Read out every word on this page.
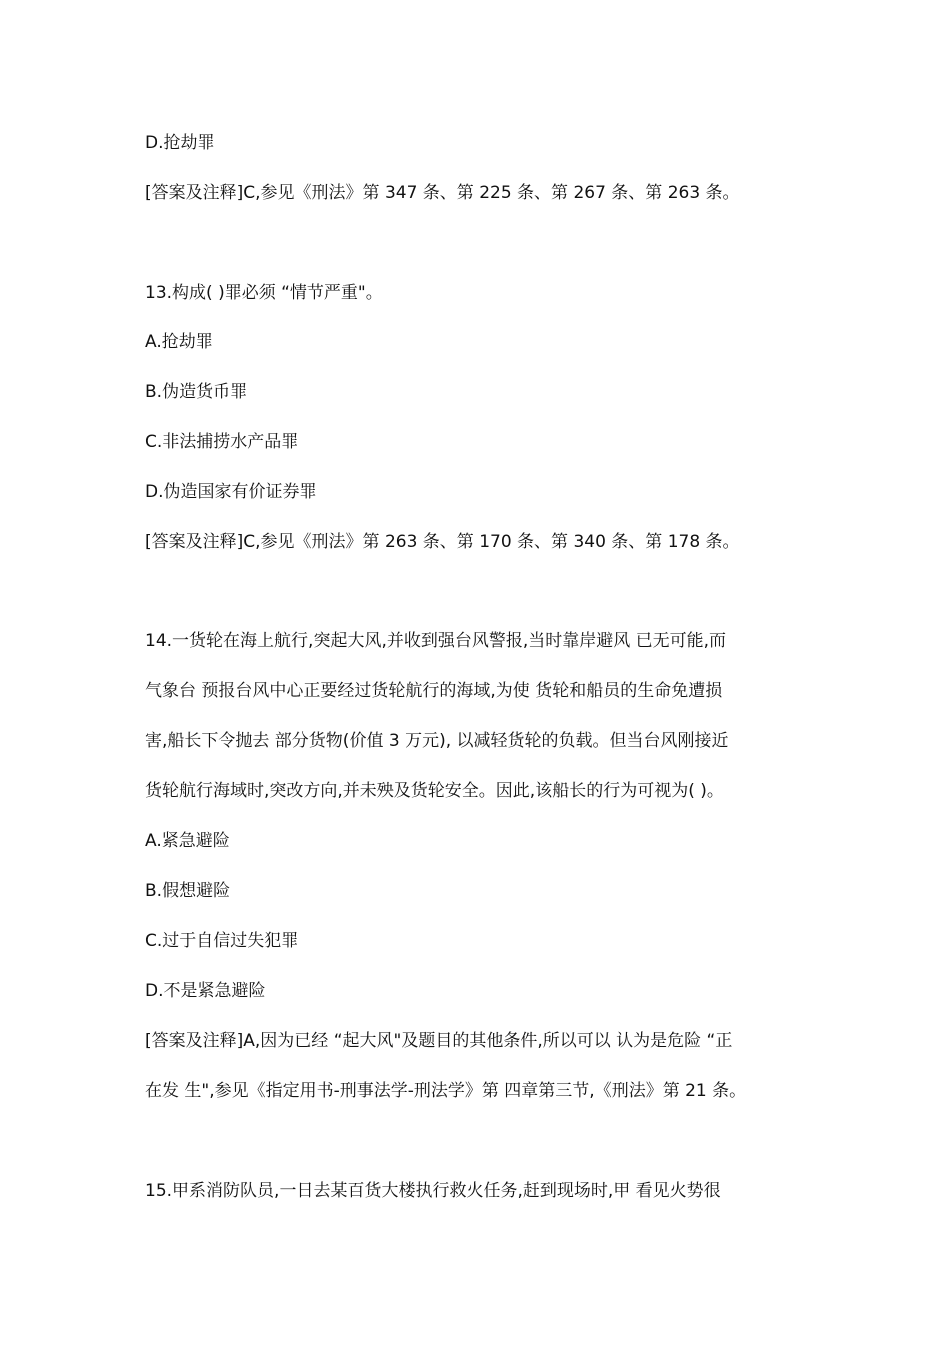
D.抢劫罪
[答案及注释]C,参见《刑法》第 347 条、第 225 条、第 267 条、第 263 条。
13.构成( )罪必须 “情节严重"。
A.抢劫罪
B.伪造货币罪
C.非法捕捞水产品罪
D.伪造国家有价证券罪
[答案及注释]C,参见《刑法》第 263 条、第 170 条、第 340 条、第 178 条。
14.一货轮在海上航行,突起大风,并收到强台风警报,当时靠岸避风 已无可能,而
气象台 预报台风中心正要经过货轮航行的海域,为使 货轮和船员的生命免遭损
害,船长下令抛去 部分货物(价值 3 万元), 以减轻货轮的负载。但当台风刚接近
货轮航行海域时,突改方向,并未殃及货轮安全。因此,该船长的行为可视为( )。
A.紧急避险
B.假想避险
C.过于自信过失犯罪
D.不是紧急避险
[答案及注释]A,因为已经 “起大风"及题目的其他条件,所以可以 认为是危险 “正
在发 生",参见《指定用书-刑事法学-刑法学》第 四章第三节,《刑法》第 21 条。
15.甲系消防队员,一日去某百货大楼执行救火任务,赶到现场时,甲 看见火势很
